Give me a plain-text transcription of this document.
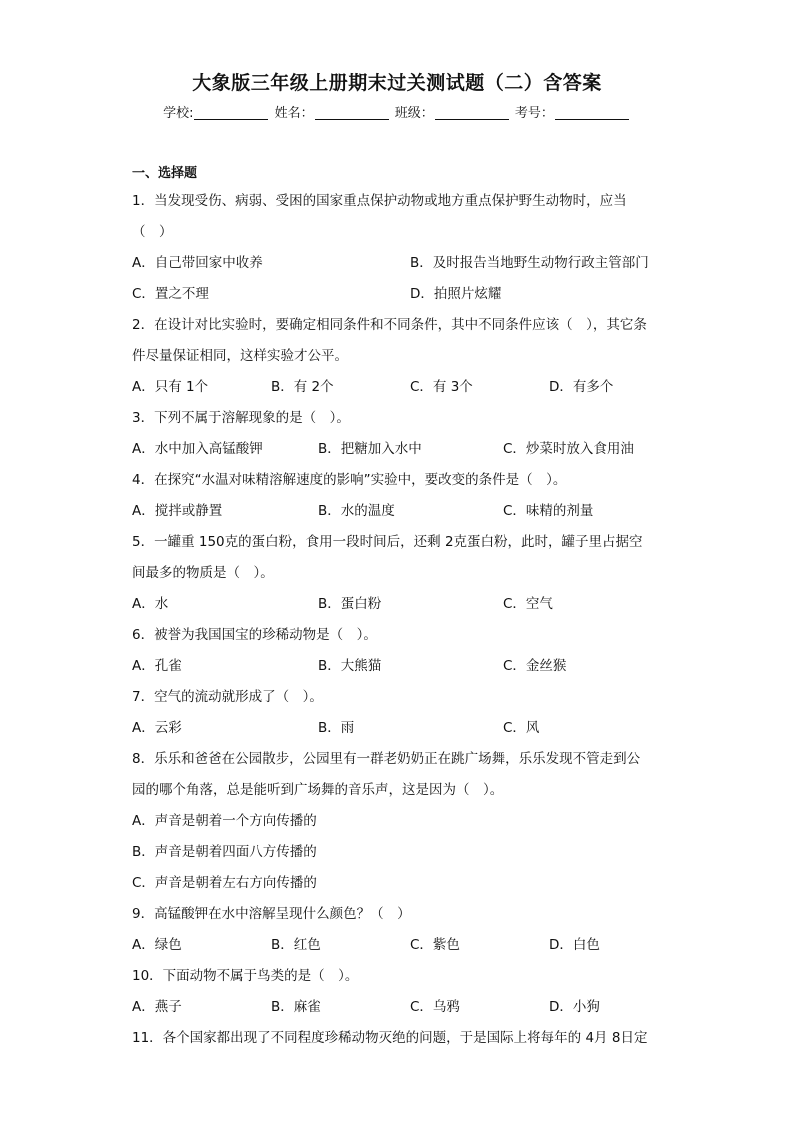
大象版三年级上册期末过关测试题（二）含答案
学校:	姓名：	班级：	考号：
一、选择题
1．当发现受伤、病弱、受困的国家重点保护动物或地方重点保护野生动物时，应当
（　）
A．自己带回家中收养	B．及时报告当地野生动物行政主管部门
C．置之不理	D．拍照片炫耀
2．在设计对比实验时，要确定相同条件和不同条件，其中不同条件应该（　），其它条
件尽量保证相同，这样实验才公平。
A．只有 1个	B．有 2个	C．有 3个	D．有多个
3．下列不属于溶解现象的是（　）。
A．水中加入高锰酸钾	B．把糖加入水中	C．炒菜时放入食用油
4．在探究“水温对味精溶解速度的影响”实验中，要改变的条件是（　）。
A．搅拌或静置	B．水的温度	C．味精的剂量
5．一罐重 150克的蛋白粉，食用一段时间后，还剩 2克蛋白粉，此时，罐子里占据空
间最多的物质是（　）。
A．水	B．蛋白粉	C．空气
6．被誉为我国国宝的珍稀动物是（　）。
A．孔雀	B．大熊猫	C．金丝猴
7．空气的流动就形成了（　）。
A．云彩	B．雨	C．风
8．乐乐和爸爸在公园散步，公园里有一群老奶奶正在跳广场舞，乐乐发现不管走到公
园的哪个角落，总是能听到广场舞的音乐声，这是因为（　）。
A．声音是朝着一个方向传播的
B．声音是朝着四面八方传播的
C．声音是朝着左右方向传播的
9．高锰酸钾在水中溶解呈现什么颜色？（　）
A．绿色	B．红色	C．紫色	D．白色
10．下面动物不属于鸟类的是（　）。
A．燕子	B．麻雀	C．乌鸦	D．小狗
11．各个国家都出现了不同程度珍稀动物灭绝的问题，于是国际上将每年的 4月 8日定
